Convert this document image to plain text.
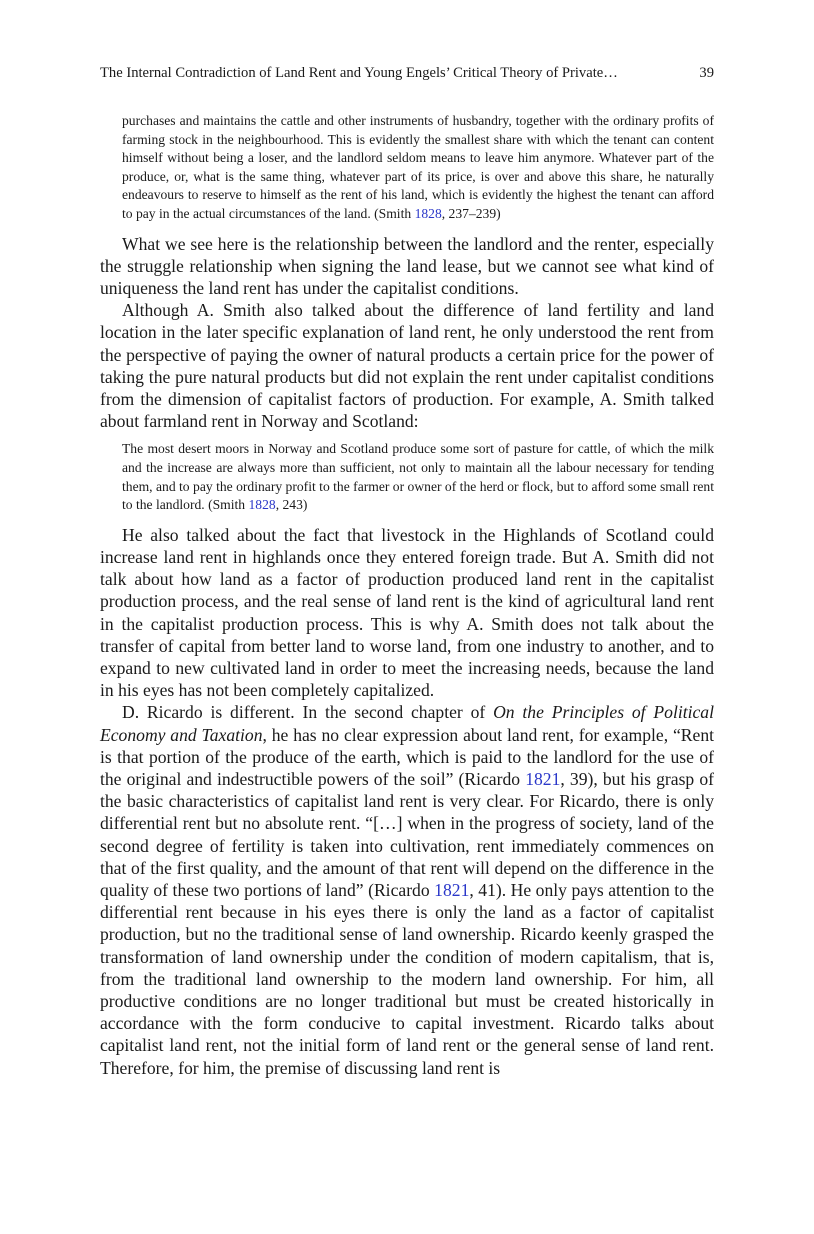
The Internal Contradiction of Land Rent and Young Engels’ Critical Theory of Private…	39

purchases and maintains the cattle and other instruments of husbandry, together with the ordinary profits of farming stock in the neighbourhood. This is evidently the smallest share with which the tenant can content himself without being a loser, and the landlord seldom means to leave him anymore. Whatever part of the produce, or, what is the same thing, whatever part of its price, is over and above this share, he naturally endeavours to reserve to himself as the rent of his land, which is evidently the highest the tenant can afford to pay in the actual circumstances of the land. (Smith 1828, 237–239)

What we see here is the relationship between the landlord and the renter, especially the struggle relationship when signing the land lease, but we cannot see what kind of uniqueness the land rent has under the capitalist conditions.

Although A. Smith also talked about the difference of land fertility and land location in the later specific explanation of land rent, he only understood the rent from the perspective of paying the owner of natural products a certain price for the power of taking the pure natural products but did not explain the rent under capitalist conditions from the dimension of capitalist factors of production. For example, A. Smith talked about farmland rent in Norway and Scotland:

The most desert moors in Norway and Scotland produce some sort of pasture for cattle, of which the milk and the increase are always more than sufficient, not only to maintain all the labour necessary for tending them, and to pay the ordinary profit to the farmer or owner of the herd or flock, but to afford some small rent to the landlord. (Smith 1828, 243)

He also talked about the fact that livestock in the Highlands of Scotland could increase land rent in highlands once they entered foreign trade. But A. Smith did not talk about how land as a factor of production produced land rent in the capitalist production process, and the real sense of land rent is the kind of agricultural land rent in the capitalist production process. This is why A. Smith does not talk about the transfer of capital from better land to worse land, from one industry to another, and to expand to new cultivated land in order to meet the increasing needs, because the land in his eyes has not been completely capitalized.

D. Ricardo is different. In the second chapter of On the Principles of Political Economy and Taxation, he has no clear expression about land rent, for example, “Rent is that portion of the produce of the earth, which is paid to the landlord for the use of the original and indestructible powers of the soil” (Ricardo 1821, 39), but his grasp of the basic characteristics of capitalist land rent is very clear. For Ricardo, there is only differential rent but no absolute rent. “[…] when in the progress of society, land of the second degree of fertility is taken into cultivation, rent immediately commences on that of the first quality, and the amount of that rent will depend on the difference in the quality of these two portions of land” (Ricardo 1821, 41). He only pays attention to the differential rent because in his eyes there is only the land as a factor of capitalist production, but no the traditional sense of land ownership. Ricardo keenly grasped the transformation of land ownership under the condition of modern capitalism, that is, from the traditional land ownership to the modern land ownership. For him, all productive conditions are no longer traditional but must be created historically in accordance with the form conducive to capital investment. Ricardo talks about capitalist land rent, not the initial form of land rent or the general sense of land rent. Therefore, for him, the premise of discussing land rent is
